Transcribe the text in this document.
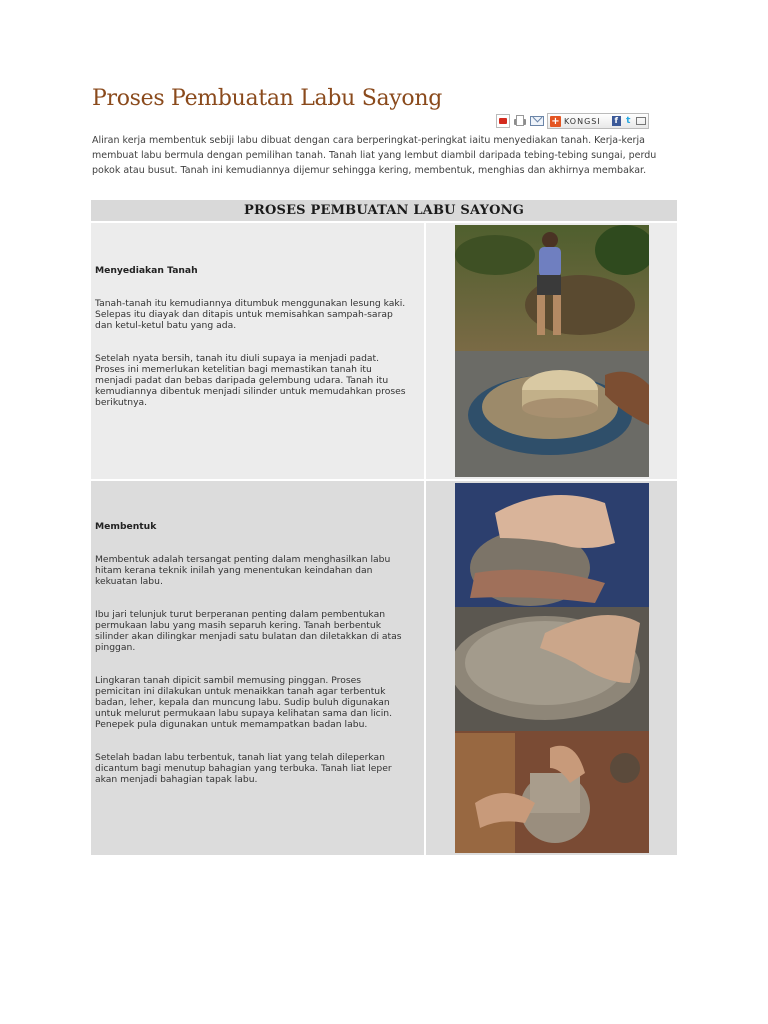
Proses Pembuatan Labu Sayong
+ KONGSI	f t

Aliran kerja membentuk sebiji labu dibuat dengan cara berperingkat-peringkat iaitu menyediakan tanah. Kerja-kerja membuat labu bermula dengan pemilihan tanah. Tanah liat yang lembut diambil daripada tebing-tebing sungai, perdu pokok atau busut. Tanah ini kemudiannya dijemur sehingga kering, membentuk, menghias dan akhirnya membakar.

PROSES PEMBUATAN LABU SAYONG	

Menyediakan Tanah

Tanah-tanah itu kemudiannya ditumbuk menggunakan lesung kaki. Selepas itu diayak dan ditapis untuk memisahkan sampah-sarap dan ketul-ketul batu yang ada.

Setelah nyata bersih, tanah itu diuli supaya ia menjadi padat. Proses ini memerlukan ketelitian bagi memastikan tanah itu menjadi padat dan bebas daripada gelembung udara. Tanah itu kemudiannya dibentuk menjadi silinder untuk memudahkan proses berikutnya.

Membentuk

Membentuk adalah tersangat penting dalam menghasilkan labu hitam kerana teknik inilah yang menentukan keindahan dan kekuatan labu.

Ibu jari telunjuk turut berperanan penting dalam pembentukan permukaan labu yang masih separuh kering. Tanah berbentuk silinder akan dilingkar menjadi satu bulatan dan diletakkan di atas pinggan.

Lingkaran tanah dipicit sambil memusing pinggan. Proses pemicitan ini dilakukan untuk menaikkan tanah agar terbentuk badan, leher, kepala dan muncung labu. Sudip buluh digunakan untuk melurut permukaan labu supaya kelihatan sama dan licin. Penepek pula digunakan untuk memampatkan badan labu.

Setelah badan labu terbentuk, tanah liat yang telah dileperkan dicantum bagi menutup bahagian yang terbuka. Tanah liat leper akan menjadi bahagian tapak labu.
